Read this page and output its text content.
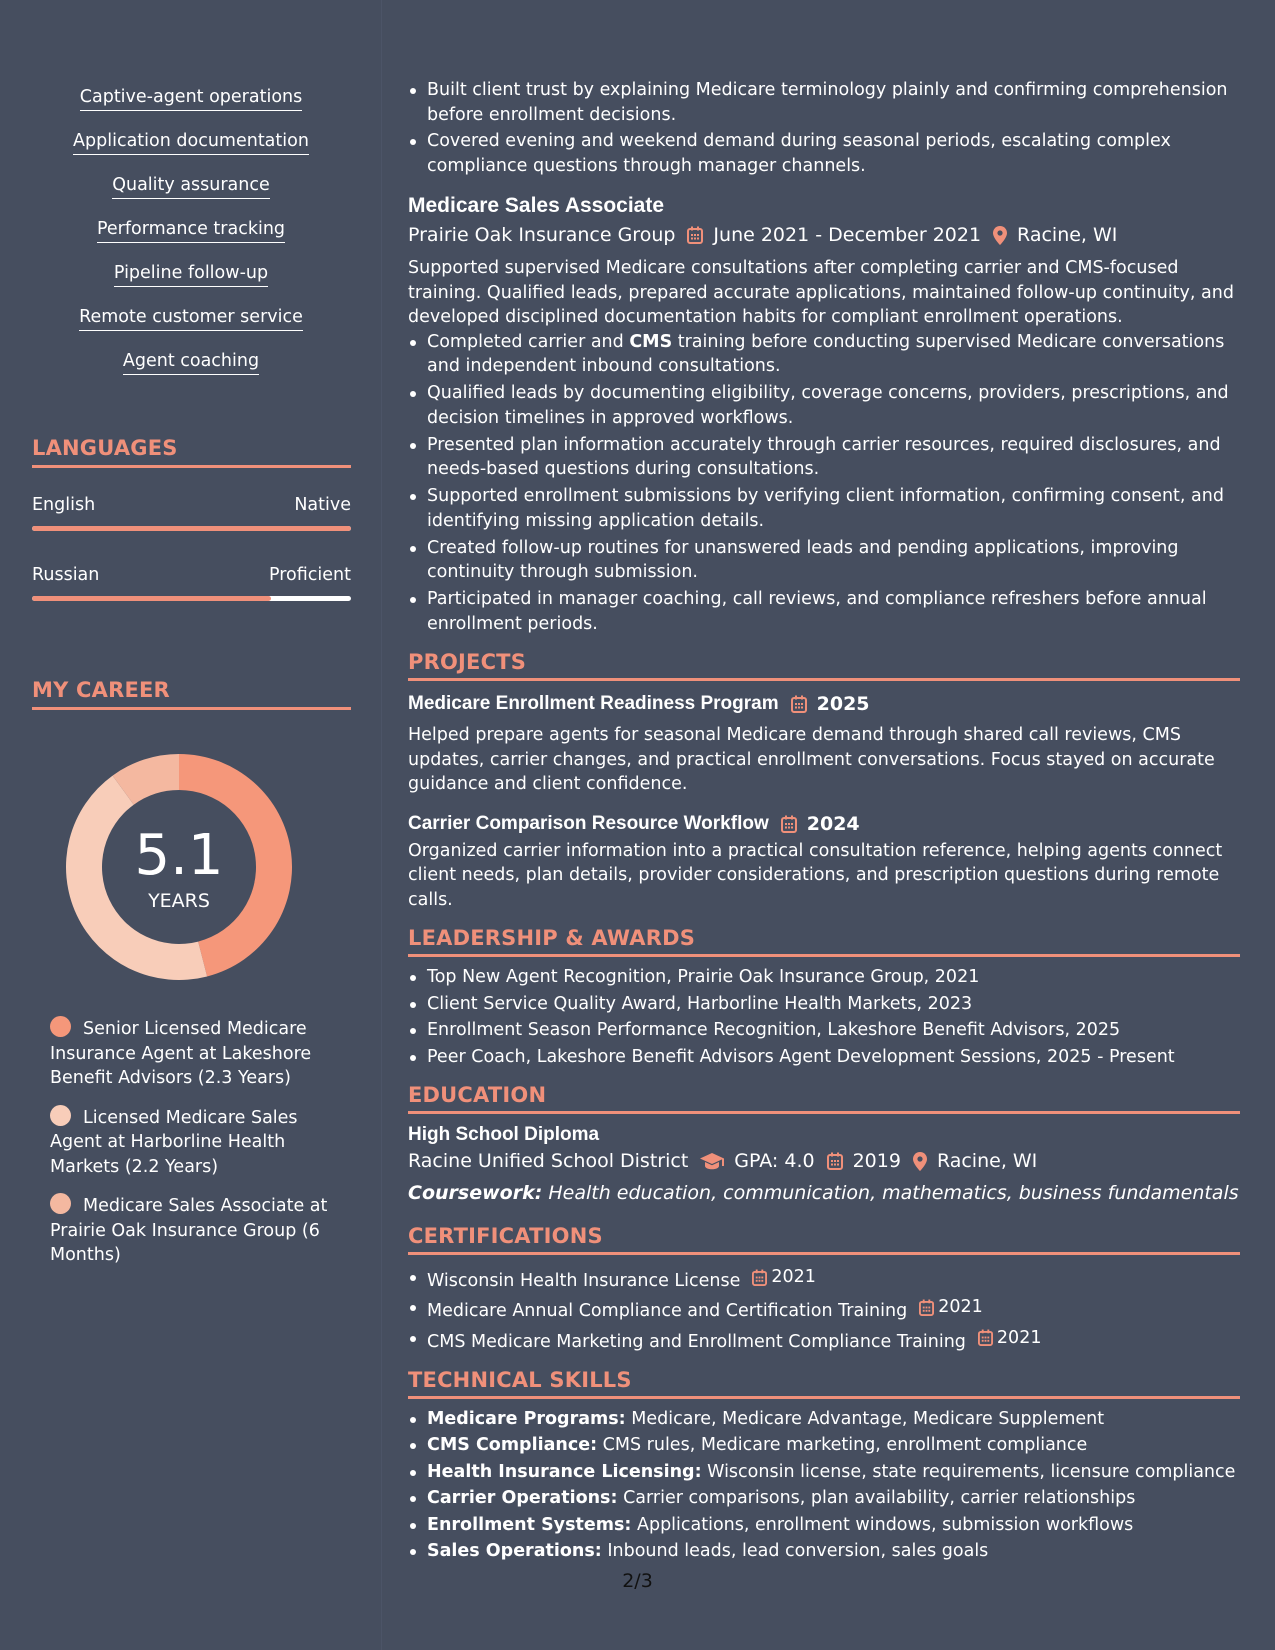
Captive-agent operations
Application documentation
Quality assurance
Performance tracking
Pipeline follow-up
Remote customer service
Agent coaching
LANGUAGES
English	Native
Russian	Proficient
MY CAREER
5.1
YEARS
Senior Licensed Medicare Insurance Agent at Lakeshore Benefit Advisors (2.3 Years)
Licensed Medicare Sales Agent at Harborline Health Markets (2.2 Years)
Medicare Sales Associate at Prairie Oak Insurance Group (6 Months)
Built client trust by explaining Medicare terminology plainly and confirming comprehension before enrollment decisions.
Covered evening and weekend demand during seasonal periods, escalating complex compliance questions through manager channels.
Medicare Sales Associate
Prairie Oak Insurance Group June 2021 - December 2021 Racine, WI
Supported supervised Medicare consultations after completing carrier and CMS-focused training. Qualified leads, prepared accurate applications, maintained follow-up continuity, and developed disciplined documentation habits for compliant enrollment operations.
Completed carrier and CMS training before conducting supervised Medicare conversations and independent inbound consultations.
Qualified leads by documenting eligibility, coverage concerns, providers, prescriptions, and decision timelines in approved workflows.
Presented plan information accurately through carrier resources, required disclosures, and needs-based questions during consultations.
Supported enrollment submissions by verifying client information, confirming consent, and identifying missing application details.
Created follow-up routines for unanswered leads and pending applications, improving continuity through submission.
Participated in manager coaching, call reviews, and compliance refreshers before annual enrollment periods.
PROJECTS
Medicare Enrollment Readiness Program 2025
Helped prepare agents for seasonal Medicare demand through shared call reviews, CMS updates, carrier changes, and practical enrollment conversations. Focus stayed on accurate guidance and client confidence.
Carrier Comparison Resource Workflow 2024
Organized carrier information into a practical consultation reference, helping agents connect client needs, plan details, provider considerations, and prescription questions during remote calls.
LEADERSHIP & AWARDS
Top New Agent Recognition, Prairie Oak Insurance Group, 2021
Client Service Quality Award, Harborline Health Markets, 2023
Enrollment Season Performance Recognition, Lakeshore Benefit Advisors, 2025
Peer Coach, Lakeshore Benefit Advisors Agent Development Sessions, 2025 - Present
EDUCATION
High School Diploma
Racine Unified School District GPA: 4.0 2019 Racine, WI
Coursework: Health education, communication, mathematics, business fundamentals
CERTIFICATIONS
Wisconsin Health Insurance License 2021
Medicare Annual Compliance and Certification Training 2021
CMS Medicare Marketing and Enrollment Compliance Training 2021
TECHNICAL SKILLS
Medicare Programs: Medicare, Medicare Advantage, Medicare Supplement
CMS Compliance: CMS rules, Medicare marketing, enrollment compliance
Health Insurance Licensing: Wisconsin license, state requirements, licensure compliance
Carrier Operations: Carrier comparisons, plan availability, carrier relationships
Enrollment Systems: Applications, enrollment windows, submission workflows
Sales Operations: Inbound leads, lead conversion, sales goals
2/3
